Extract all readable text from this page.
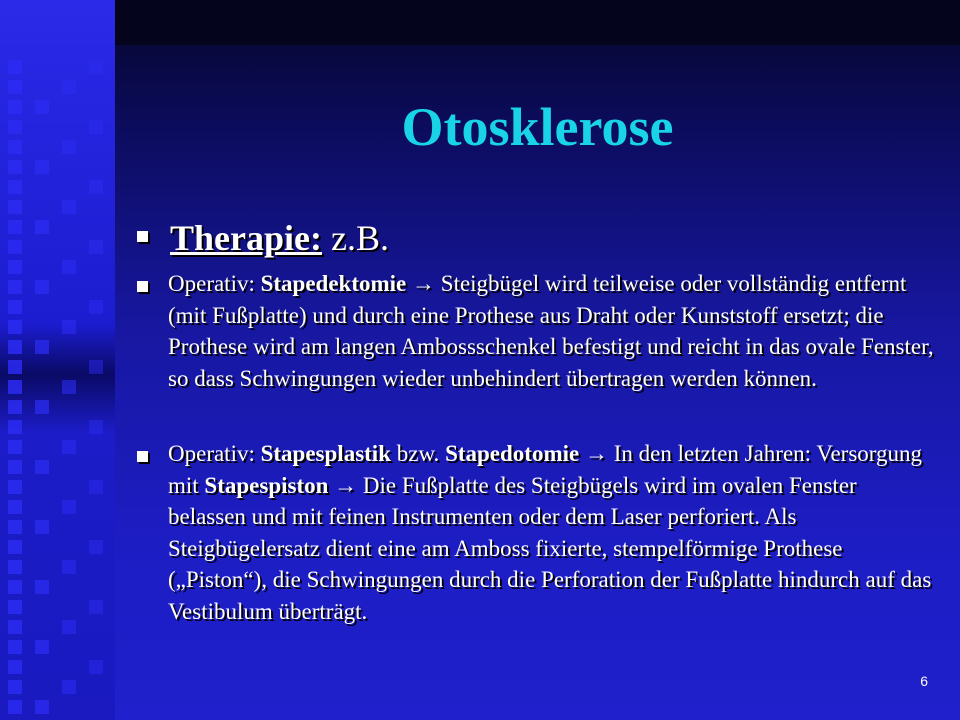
Otosklerose
Therapie: z.B.
Operativ: Stapedektomie → Steigbügel wird teilweise oder vollständig entfernt (mit Fußplatte) und durch eine Prothese aus Draht oder Kunststoff ersetzt; die Prothese wird am langen Ambossschenkel befestigt und reicht in das ovale Fenster, so dass Schwingungen wieder unbehindert übertragen werden können.
Operativ: Stapesplastik bzw. Stapedotomie → In den letzten Jahren: Versorgung mit Stapespiston → Die Fußplatte des Steigbügels wird im ovalen Fenster belassen und mit feinen Instrumenten oder dem Laser perforiert. Als Steigbügelersatz dient eine am Amboss fixierte, stempelförmige Prothese („Piston“), die Schwingungen durch die Perforation der Fußplatte hindurch auf das Vestibulum überträgt.
6
